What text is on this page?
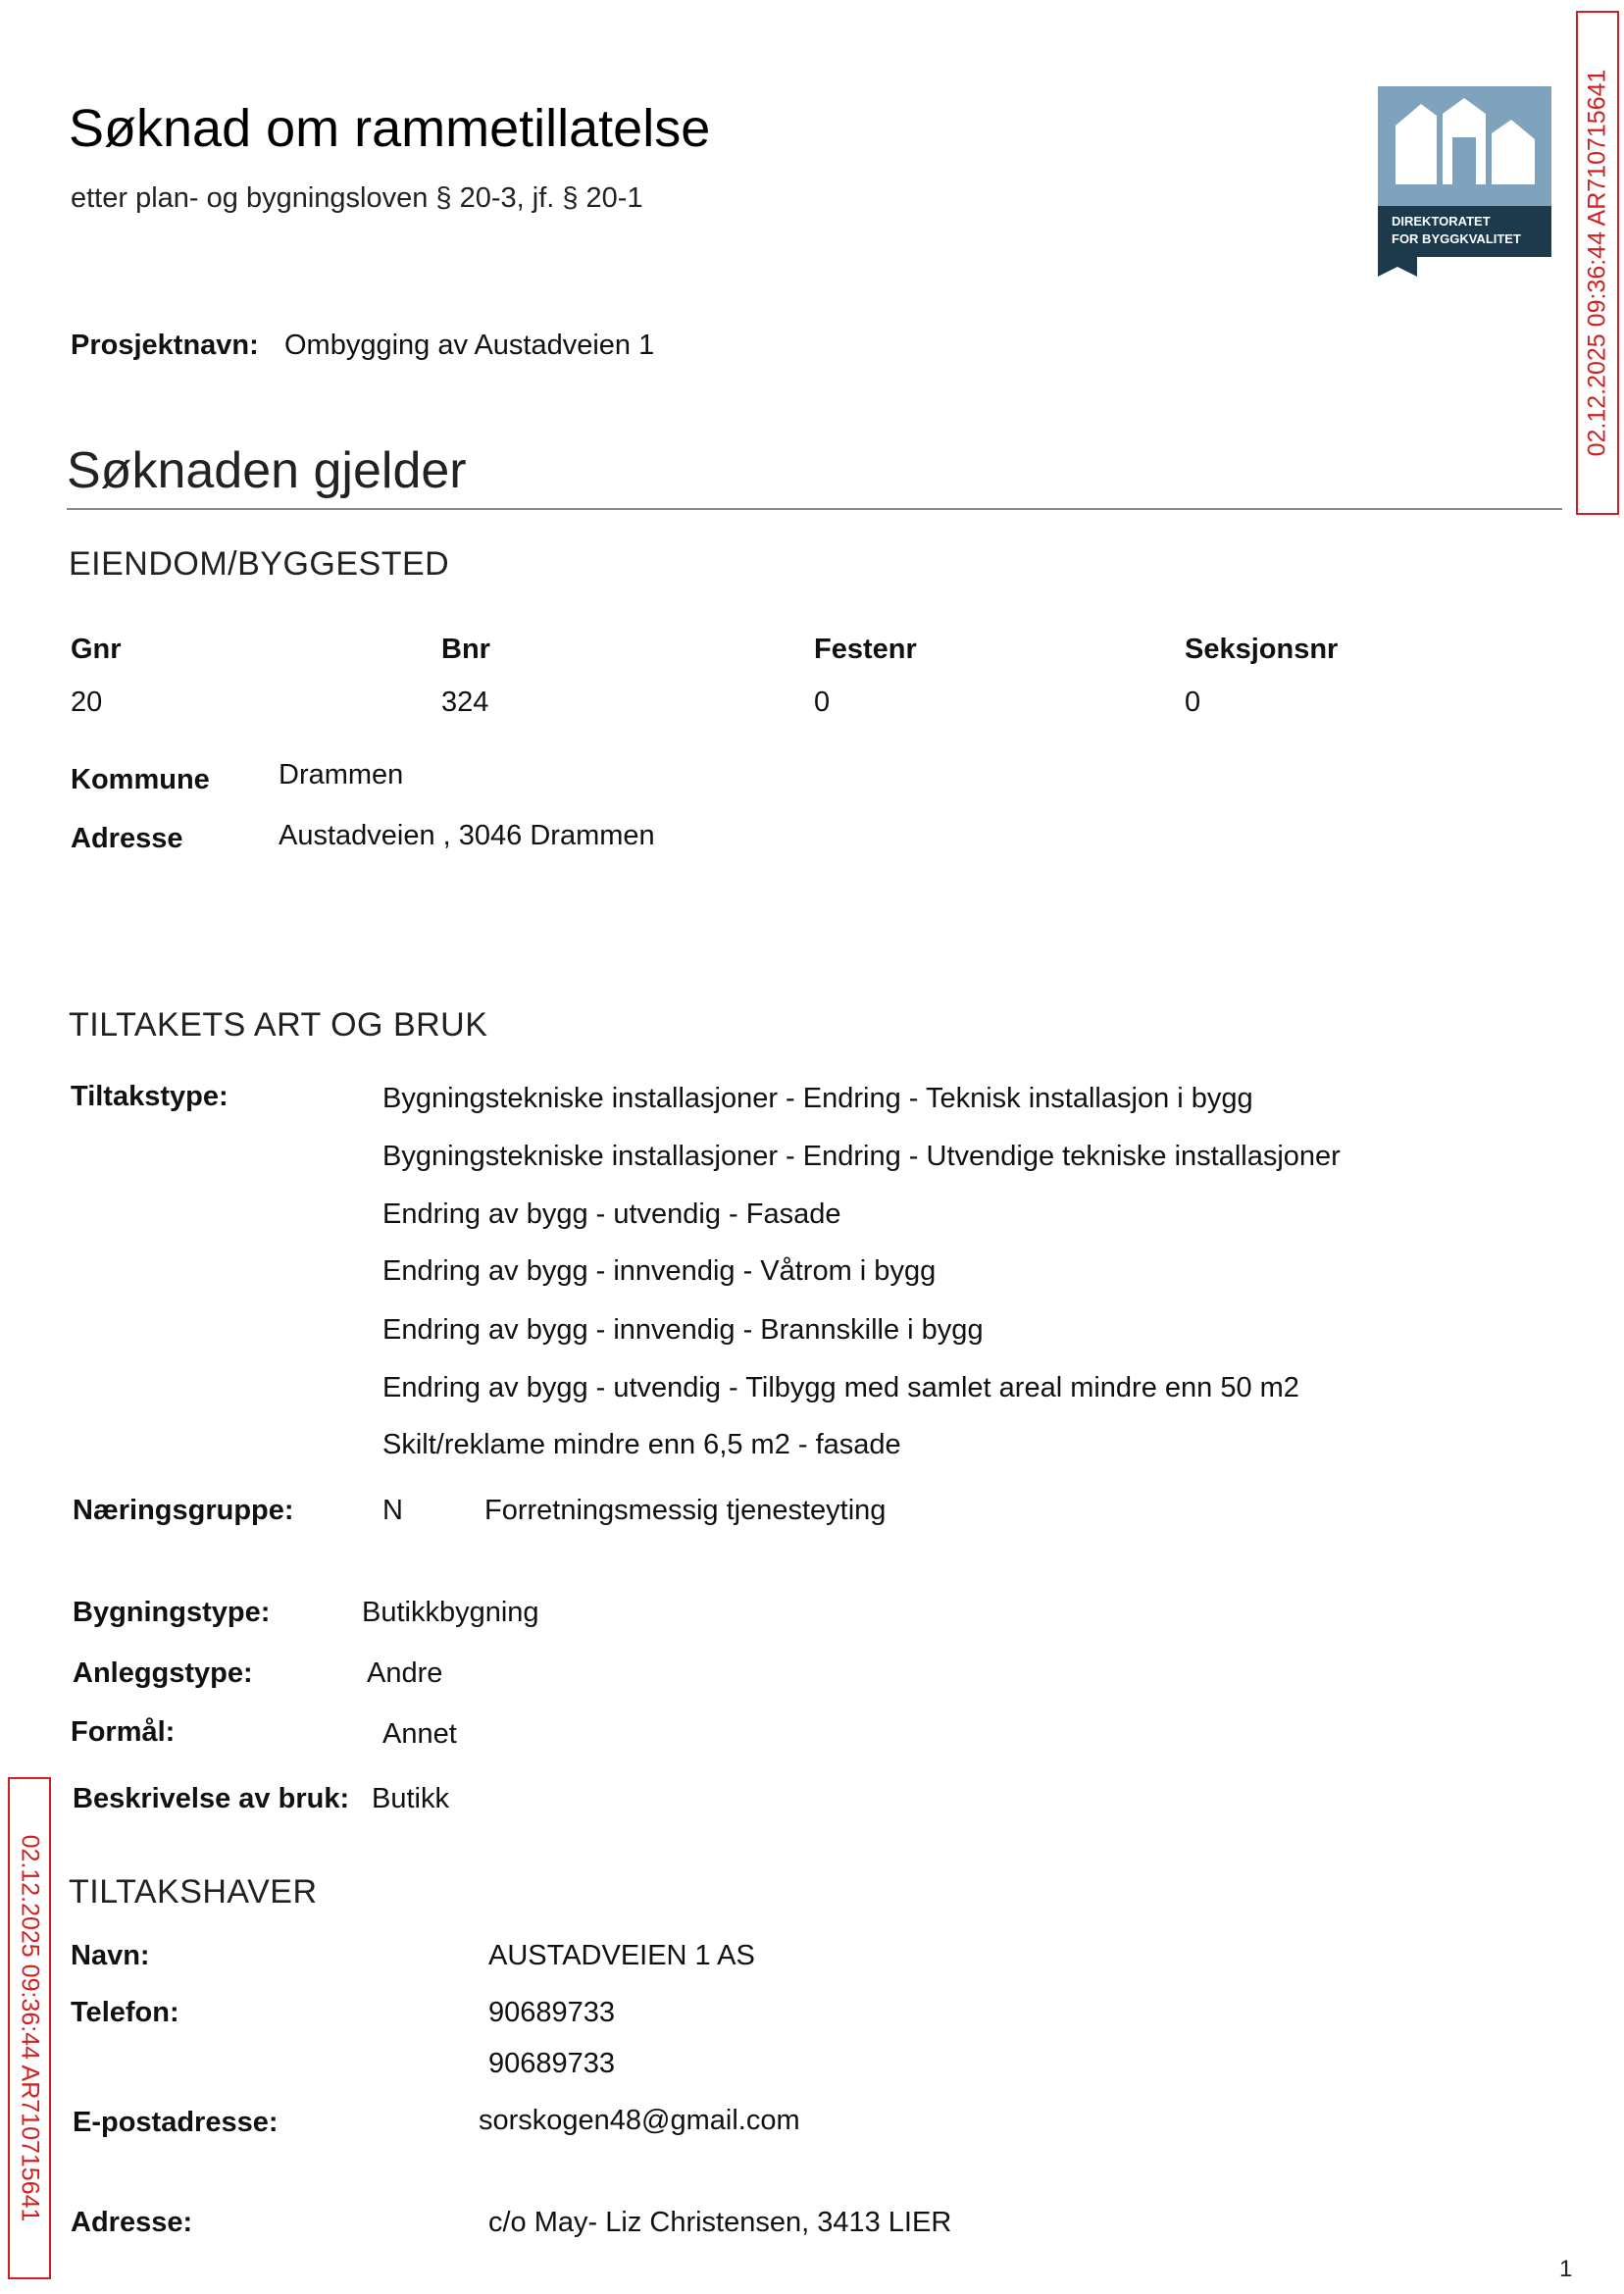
Søknad om rammetillatelse
etter plan- og bygningsloven § 20-3, jf. § 20-1
DIREKTORATET
FOR BYGGKVALITET	02.12.2025 09:36:44 AR710715641
Prosjektnavn: Ombygging av Austadveien 1
Søknaden gjelder
EIENDOM/BYGGESTED
Gnr	Bnr	Festenr	Seksjonsnr
20	324	0	0
Kommune Drammen
Adresse	Austadveien , 3046 Drammen
TILTAKETS ART OG BRUK
Tiltakstype:	Bygningstekniske installasjoner - Endring - Teknisk installasjon i bygg
Bygningstekniske installasjoner - Endring - Utvendige tekniske installasjoner
Endring av bygg - utvendig - Fasade
Endring av bygg - innvendig - Våtrom i bygg
Endring av bygg - innvendig - Brannskille i bygg
Endring av bygg - utvendig - Tilbygg med samlet areal mindre enn 50 m2
Skilt/reklame mindre enn 6,5 m2 - fasade
Næringsgruppe:	N	Forretningsmessig tjenesteyting
Bygningstype:	Butikkbygning
Anleggstype:	Andre
Formål:	Annet
Beskrivelse av bruk: Butikk
02.12.2025 09:36:44 AR710715641 TILTAKSHAVER
Navn:	AUSTADVEIEN 1 AS
Telefon:	90689733
90689733
E-postadresse:	sorskogen48@gmail.com
Adresse:	c/o May- Liz Christensen, 3413 LIER
1
